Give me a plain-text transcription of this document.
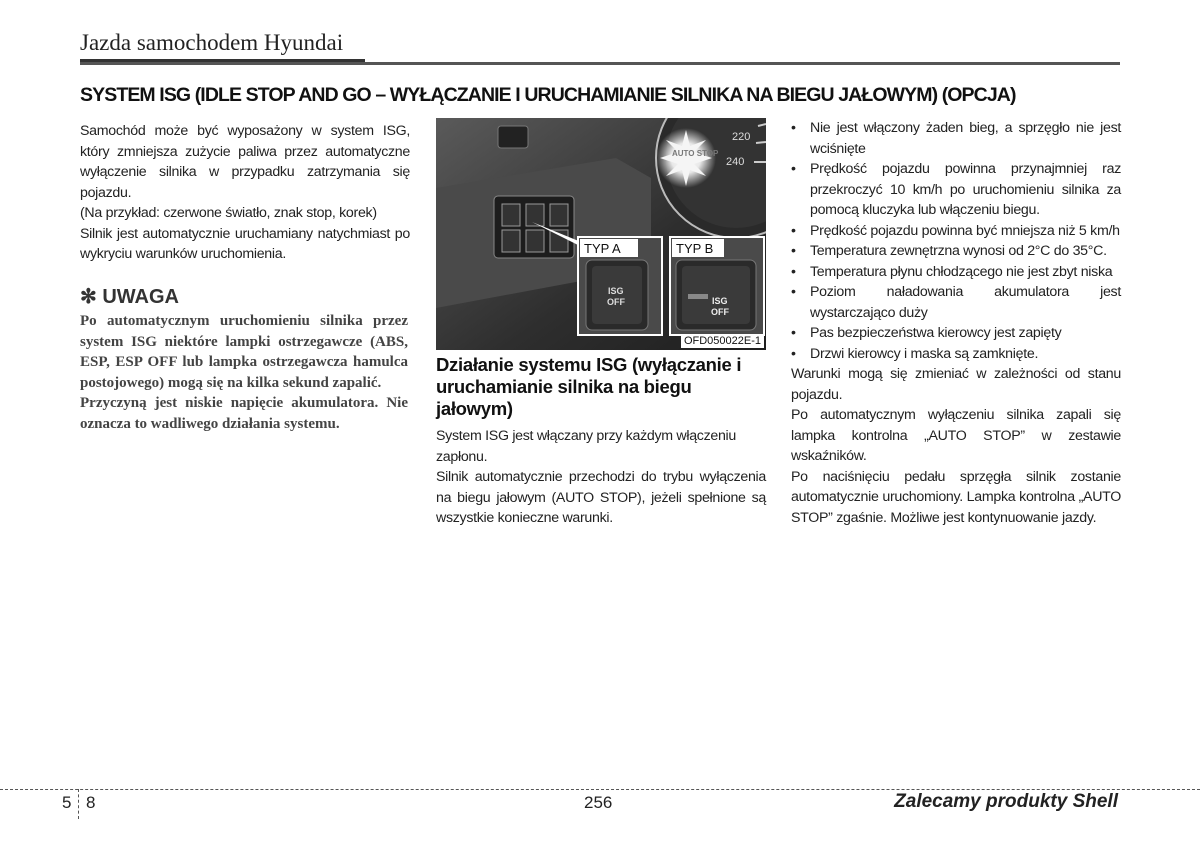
Jazda samochodem Hyundai
SYSTEM ISG (IDLE STOP AND GO – WYŁĄCZANIE I URUCHAMIANIE SILNIKA NA BIEGU JAŁOWYM) (OPCJA)

Samochód może być wyposażony w system ISG, który zmniejsza zużycie paliwa przez automatyczne wyłączenie silnika w przypadku zatrzymania się pojazdu.

(Na przykład: czerwone światło, znak stop, korek)

Silnik jest automatycznie uruchamiany natychmiast po wykryciu warunków uruchomienia.

✻ UWAGA

Po automatycznym uruchomieniu silnika przez system ISG niektóre lampki ostrzegawcze (ABS, ESP, ESP OFF lub lampka ostrzegawcza hamulca postojowego) mogą się na kilka sekund zapalić.

Przyczyną jest niskie napięcie akumulatora. Nie oznacza to wadliwego działania systemu.

220
240
AUTO STOP
TYP A
ISG
OFF
TYP B
ISG
OFF
OFD050022E-1
Działanie systemu ISG (wyłączanie i uruchamianie silnika na biegu jałowym)

System ISG jest włączany przy każdym włączeniu zapłonu.

Silnik automatycznie przechodzi do trybu wyłączenia na biegu jałowym (AUTO STOP), jeżeli spełnione są wszystkie konieczne warunki.

• Nie jest włączony żaden bieg, a sprzęgło nie jest wciśnięte
• Prędkość pojazdu powinna przynajmniej raz przekroczyć 10 km/h po uruchomieniu silnika za pomocą kluczyka lub włączeniu biegu.
• Prędkość pojazdu powinna być mniejsza niż 5 km/h
• Temperatura zewnętrzna wynosi od 2°C do 35°C.
• Temperatura płynu chłodzącego nie jest zbyt niska
• Poziom naładowania akumulatora jest wystarczająco duży
• Pas bezpieczeństwa kierowcy jest zapięty
• Drzwi kierowcy i maska są zamknięte.

Warunki mogą się zmieniać w zależności od stanu pojazdu.

Po automatycznym wyłączeniu silnika zapali się lampka kontrolna „AUTO STOP” w zestawie wskaźników.

Po naciśnięciu pedału sprzęgła silnik zostanie automatycznie uruchomiony. Lampka kontrolna „AUTO STOP” zgaśnie. Możliwe jest kontynuowanie jazdy.

5 8	256	Zalecamy produkty Shell
